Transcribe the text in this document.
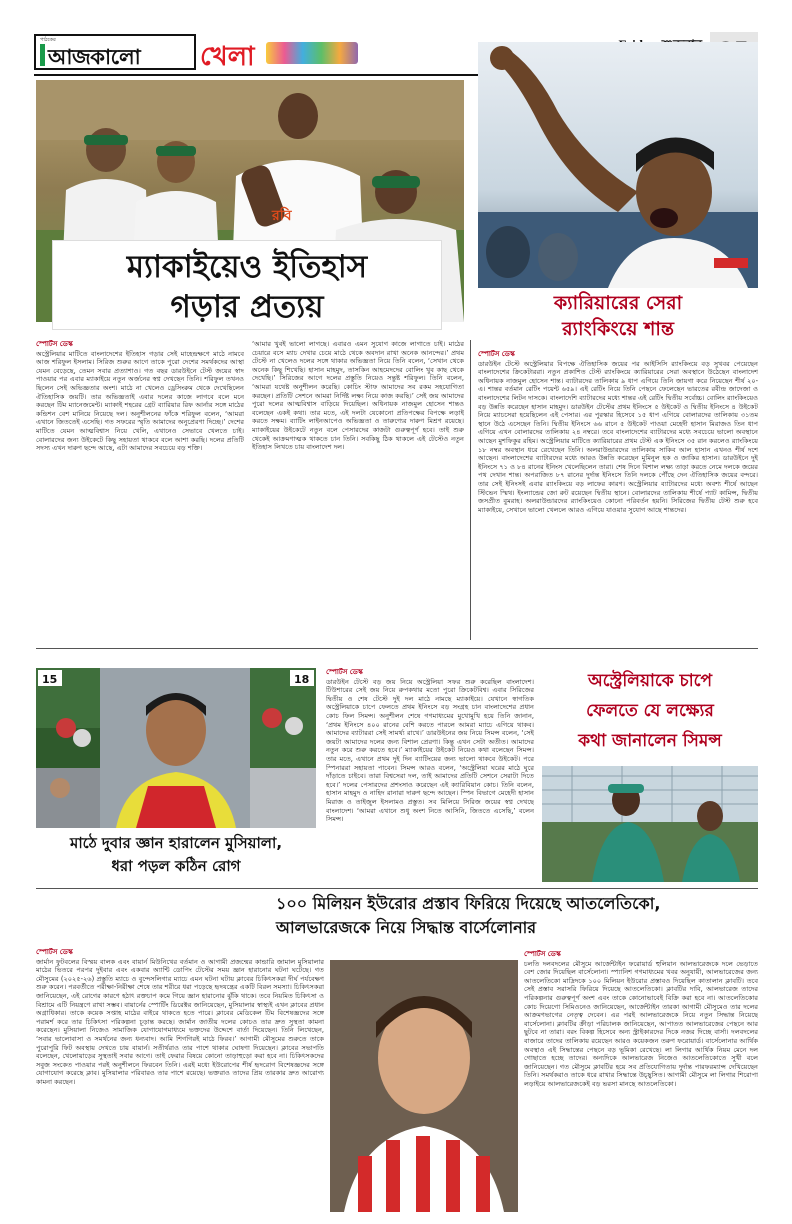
পাঠকের
আজকালো খেলা
রবি
ম্যাকাইয়েও ইতিহাস
গড়ার প্রত্যয়
স্পোর্টস ডেস্ক

অস্ট্রেলিয়ার মাটিতে বাংলাদেশের ইতিহাস গড়ার সেই মাহেন্দ্রক্ষণে মাঠে নামবে আজ শরিফুল ইসলাম। সিরিজ শুরুর আগে তাকে পুরো দেশের সমর্থকদের আস্থা যেমন বেড়েছে, তেমন সবার প্রত্যাশাও। গত বছর ডারউইনে টেস্ট জয়ের স্বাদ পাওয়ার পর এবার ম্যাকাইয়ে নতুন অর্জনের স্বপ্ন দেখছেন তিনি। শরিফুল তখনও ছিলেন সেই অভিজ্ঞতার অংশ। মাঠে না খেলেও ড্রেসিংরুম থেকে দেখেছিলেন ঐতিহাসিক জয়টি। তার অভিজ্ঞতাই এবার দলের কাজে লাগবে বলে মনে করছেন টিম ম্যানেজমেন্ট। ম্যাকাই শহরের গ্রেট ব্যারিয়ার রিফ আর্নার সঙ্গে মাঠের কন্ডিশন বেশ মানিয়ে নিয়েছে দল। অনুশীলনের ফাঁকে শরিফুল বলেন, ‘আমরা এখানে জিততেই এসেছি। গত সফরের স্মৃতি আমাদের অনুপ্রেরণা দিচ্ছে।’ দেশের মাটিতে যেমন আত্মবিশ্বাস নিয়ে খেলি, এখানেও সেভাবে খেলতে চাই। বোলারদের জন্য উইকেটে কিছু সহায়তা থাকবে বলে আশা করছি। দলের প্রতিটি সদস্য এখন দারুণ ছন্দে আছে, এটা আমাদের সবচেয়ে বড় শক্তি।

‘আমার খুবই ভালো লাগছে। এবারও এমন সুযোগ কাজে লাগাতে চাই। মাঠের চেয়ারে বসে ম্যাচ দেখার চেয়ে মাঠে থেকে অবদান রাখা অনেক আনন্দের।’ প্রথম টেস্টে না খেলেও দলের সঙ্গে থাকার অভিজ্ঞতা নিয়ে তিনি বলেন, ‘সেখান থেকে অনেক কিছু শিখেছি। হাসান মাহমুদ, তাসকিন আহমেদদের বোলিং খুব কাছ থেকে দেখেছি।’ সিরিজের আগে দলের প্রস্তুতি নিয়েও সন্তুষ্ট শরিফুল। তিনি বলেন, ‘আমরা যথেষ্ট অনুশীলন করেছি। কোচিং স্টাফ আমাদের সব রকম সহযোগিতা করছেন। প্রতিটি সেশনে আমরা নির্দিষ্ট লক্ষ্য নিয়ে কাজ করছি।’ সেই জয় আমাদের পুরো দলের আত্মবিশ্বাস বাড়িয়ে দিয়েছিল। অধিনায়ক নাজমুল হোসেন শান্তও বলেছেন একই কথা। তার মতে, এই দলটা যেকোনো প্রতিপক্ষের বিপক্ষে লড়াই করতে সক্ষম। ব্যাটিং লাইনআপেও অভিজ্ঞতা ও তারুণ্যের দারুণ মিশ্রণ রয়েছে। ম্যাকাইয়ের উইকেটে নতুন বলে পেসারদের কাজটা গুরুত্বপূর্ণ হবে। তাই শুরু থেকেই আক্রমণাত্মক থাকতে চান তিনি। সবকিছু ঠিক থাকলে এই টেস্টেও নতুন ইতিহাস লিখতে চায় বাংলাদেশ দল।

ক্যারিয়ারের সেরা
র‌্যাংকিংয়ে শান্ত
স্পোর্টস ডেস্ক

ডারউইন টেস্টে অস্ট্রেলিয়ার বিপক্ষে ঐতিহাসিক জয়ের পর আইসিসি র‌্যাংকিংয়ে বড় সুখবর পেয়েছেন বাংলাদেশের ক্রিকেটাররা। নতুন প্রকাশিত টেস্ট র‌্যাংকিংয়ে ক্যারিয়ারের সেরা অবস্থানে উঠেছেন বাংলাদেশ অধিনায়ক নাজমুল হোসেন শান্ত। ব্যাটারদের তালিকায় ৯ ধাপ এগিয়ে তিনি জায়গা করে নিয়েছেন শীর্ষ ২০-এ। শান্তর বর্তমান রেটিং পয়েন্ট ৬৫৯। এই রেটিং নিয়ে তিনি পেছনে ফেলেছেন ভারতের রবীন্দ্র জাদেজা ও বাংলাদেশের লিটন দাসকে। বাংলাদেশি ব্যাটারদের মধ্যে শান্তর এই রেটিং দ্বিতীয় সর্বোচ্চ। বোলিং র‌্যাংকিংয়েও বড় উন্নতি করেছেন হাসান মাহমুদ। ডারউইন টেস্টের প্রথম ইনিংসে ৫ উইকেট ও দ্বিতীয় ইনিংসে ৪ উইকেট নিয়ে ম্যাচসেরা হয়েছিলেন এই পেসার। এর পুরস্কার হিসেবে ১৫ ধাপ এগিয়ে বোলারদের তালিকায় ৩১তম স্থানে উঠে এসেছেন তিনি। দ্বিতীয় ইনিংসে ৬৬ রানে ৫ উইকেট পাওয়া মেহেদী হাসান মিরাজও তিন ধাপ এগিয়ে এখন বোলারদের তালিকায় ২৪ নম্বরে। তবে বাংলাদেশের ব্যাটারদের মধ্যে সবচেয়ে ভালো অবস্থানে আছেন মুশফিকুর রহিম। অস্ট্রেলিয়ার মাটিতে ক্যারিয়ারের প্রথম টেস্ট এক ইনিংসে ৩৫ রান করলেও র‌্যাংকিংয়ে ১৮ নম্বর অবস্থান ধরে রেখেছেন তিনি। অলরাউন্ডারদের তালিকায় সাকিব আল হাসান এখনও শীর্ষ দশে আছেন। বাংলাদেশের ব্যাটারদের মধ্যে আরও উন্নতি করেছেন মুমিনুল হক ও জাকির হাসান। ডারউইনে দুই ইনিংসে ৭১ ও ৮৪ রানের ইনিংস খেলেছিলেন তারা। শেষ দিনে বিশাল লক্ষ্য তাড়া করতে নেমে দলকে জয়ের পথ দেখান শান্ত। অপরাজিত ৮৭ রানের দুর্দান্ত ইনিংসে তিনি দলকে পৌঁছে দেন ঐতিহাসিক জয়ের বন্দরে। তার সেই ইনিংসই এবার র‌্যাংকিংয়ে বড় লাফের কারণ। অস্ট্রেলিয়ার ব্যাটারদের মধ্যে অবশ্য শীর্ষে আছেন স্টিভেন স্মিথ। ইংল্যান্ডের জো রুট রয়েছেন দ্বিতীয় স্থানে। বোলারদের তালিকায় শীর্ষে প্যাট কামিন্স, দ্বিতীয় জসপ্রীত বুমরাহ। অলরাউন্ডারদের র‌্যাংকিংয়েও কোনো পরিবর্তন হয়নি। সিরিজের দ্বিতীয় টেস্ট শুরু হবে ম্যাকাইয়ে, সেখানে ভালো খেললে আরও এগিয়ে যাওয়ার সুযোগ আছে শান্তদের।

15	18
মাঠে দুবার জ্ঞান হারালেন মুসিয়ালা,
ধরা পড়ল কঠিন রোগ
স্পোর্টস ডেস্ক

ডারউইন টেস্টে বড় জয় নিয়ে অস্ট্রেলিয়া সফর শুরু করেছিল বাংলাদেশ। টিউশারের সেই জয় নিয়ে রুপকথার মতো পুরো ক্রিকেটবিশ্ব। এবার সিরিজের দ্বিতীয় ও শেষ টেস্টে দুই দল মাঠে নামছে ম্যাকাইয়ে। যেখানে স্বাগতিক অস্ট্রেলিয়াকে চাপে ফেলতে প্রথম ইনিংসে বড় সংগ্রহ চান বাংলাদেশের প্রধান কোচ ফিল সিমন্স। অনুশীলন শেষে গণমাধ্যমের মুখোমুখি হয়ে তিনি জানান, ‘প্রথম ইনিংসে ৪০০ রানের বেশি করতে পারলে আমরা ম্যাচে এগিয়ে থাকব। আমাদের ব্যাটাররা সেই সামর্থ্য রাখে।’ ডারউইনের জয় নিয়ে সিমন্স বলেন, ‘সেই জয়টা আমাদের দলের জন্য বিশাল প্রেরণা। কিন্তু এখন সেটা অতীত। আমাদের নতুন করে শুরু করতে হবে।’ ম্যাকাইয়ের উইকেট নিয়েও কথা বলেছেন সিমন্স। তার মতে, এখানে প্রথম দুই দিন ব্যাটিংয়ের জন্য ভালো থাকবে উইকেট। পরে স্পিনাররা সহায়তা পাবেন। সিমন্স আরও বলেন, ‘অস্ট্রেলিয়া ঘরের মাঠে ঘুরে দাঁড়াতে চাইবে। তারা বিশ্বসেরা দল, তাই আমাদের প্রতিটি সেশনে সেরাটা দিতে হবে।’ দলের পেসারদের প্রশংসাও করেছেন এই ক্যারিবিয়ান কোচ। তিনি বলেন, হাসান মাহমুদ ও নাহিদ রানারা দারুণ ছন্দে আছেন। স্পিন বিভাগে মেহেদী হাসান মিরাজ ও তাইজুল ইসলামও প্রস্তুত। সব মিলিয়ে সিরিজ জয়ের স্বপ্ন দেখছে বাংলাদেশ। ‘আমরা এখানে শুধু অংশ নিতে আসিনি, জিততে এসেছি,’ বলেন সিমন্স।

অস্ট্রেলিয়াকে চাপে
ফেলতে যে লক্ষ্যের
কথা জানালেন সিমন্স
১০০ মিলিয়ন ইউরোর প্রস্তাব ফিরিয়ে দিয়েছে আতলেতিকো,
আলভারেজকে নিয়ে সিদ্ধান্ত বার্সেলোনার
স্পোর্টস ডেস্ক

জার্মান ফুটবলের বিস্ময় বালক এবং বায়ার্ন মিউনিখের বর্তমান ও আগামী প্রজন্মের কান্ডারি জামাল মুসিয়ালার মাঠের ভিতরে পরপর দুইবার এবং একবার অ্যান্টি ডোপিং টেস্টের সময় জ্ঞান হারানোর ঘটনা ঘটেছে। গত মৌসুমের (২০২৫-২৬) প্রস্তুতি ম্যাচে ও বুন্দেসলিগার ম্যাচে এমন ঘটনা ঘটায় ক্লাবের চিকিৎসকরা দীর্ঘ পর্যবেক্ষণ শুরু করেন। পরবর্তীতে পরীক্ষা-নিরীক্ষা শেষে তার শরীরে ধরা পড়েছে হৃদযন্ত্রের একটি বিরল সমস্যা। চিকিৎসকরা জানিয়েছেন, এই রোগের কারণে হঠাৎ রক্তচাপ কমে গিয়ে জ্ঞান হারানোর ঝুঁকি থাকে। তবে নিয়মিত চিকিৎসা ও বিশ্রামে এটি নিয়ন্ত্রণে রাখা সম্ভব। বায়ার্নের স্পোর্টিং ডিরেক্টর জানিয়েছেন, মুসিয়ালার স্বাস্থ্যই এখন ক্লাবের প্রধান অগ্রাধিকার। তাকে কয়েক সপ্তাহ মাঠের বাইরে থাকতে হতে পারে। ক্লাবের মেডিকেল টিম বিশেষজ্ঞদের সঙ্গে পরামর্শ করে তার চিকিৎসা পরিকল্পনা চূড়ান্ত করছে। জার্মান জাতীয় দলের কোচও তার দ্রুত সুস্থতা কামনা করেছেন। মুসিয়ালা নিজেও সামাজিক যোগাযোগমাধ্যমে ভক্তদের উদ্দেশে বার্তা দিয়েছেন। তিনি লিখেছেন, ‘সবার ভালোবাসা ও সমর্থনের জন্য ধন্যবাদ। আমি শিগগিরই মাঠে ফিরব।’ আগামী মৌসুমের শুরুতে তাকে পুরোপুরি ফিট অবস্থায় দেখতে চায় বায়ার্ন। সতীর্থরাও তার পাশে থাকার ঘোষণা দিয়েছেন। ক্লাবের সভাপতি বলেছেন, খেলোয়াড়ের সুস্থতাই সবার আগে। তাই ফেরার বিষয়ে কোনো তাড়াহুড়ো করা হবে না। চিকিৎসকদের সবুজ সংকেত পাওয়ার পরই অনুশীলনে ফিরবেন তিনি। এরই মধ্যে ইউরোপের শীর্ষ হৃদরোগ বিশেষজ্ঞদের সঙ্গে যোগাযোগ করেছে ক্লাব। মুসিয়ালার পরিবারও তার পাশে রয়েছে। ভক্তরাও তাদের প্রিয় তারকার দ্রুত আরোগ্য কামনা করছেন।

স্পোর্টস ডেস্ক

চলতি দলবদলের মৌসুমে আর্জেন্টাইন ফরোয়ার্ড হুলিয়ান আলভারেজকে দলে ভেড়াতে বেশ জোর দিয়েছিল বার্সেলোনা। স্প্যানিশ গণমাধ্যমের খবর অনুযায়ী, আলভারেজের জন্য আতলেতিকো মাদ্রিদকে ১০০ মিলিয়ন ইউরোর প্রস্তাবও দিয়েছিল কাতালান ক্লাবটি। তবে সেই প্রস্তাব সরাসরি ফিরিয়ে দিয়েছে আতলেতিকো। ক্লাবটির দাবি, আলভারেজ তাদের পরিকল্পনার গুরুত্বপূর্ণ অংশ এবং তাকে কোনোভাবেই বিক্রি করা হবে না। আতলেতিকোর কোচ দিয়েগো সিমিওনেও জানিয়েছেন, আর্জেন্টাইন তারকা আগামী মৌসুমেও তার দলের আক্রমণভাগের নেতৃত্ব দেবেন। এর পরই আলভারেজকে নিয়ে নতুন সিদ্ধান্ত নিয়েছে বার্সেলোনা। ক্লাবটির ক্রীড়া পরিচালক জানিয়েছেন, আপাতত আলভারেজের পেছনে আর ছুটবে না তারা। বরং বিকল্প হিসেবে অন্য স্ট্রাইকারদের দিকে নজর দিচ্ছে বার্সা। দলবদলের বাজারে তাদের তালিকায় রয়েছেন আরও কয়েকজন তরুণ ফরোয়ার্ড। বার্সেলোনার আর্থিক অবস্থাও এই সিদ্ধান্তের পেছনে বড় ভূমিকা রেখেছে। লা লিগার আর্থিক নিয়ম মেনে দল গোছাতে হচ্ছে তাদের। অন্যদিকে আলভারেজ নিজেও আতলেতিকোতে সুখী বলে জানিয়েছেন। গত মৌসুমে ক্লাবটির হয়ে সব প্রতিযোগিতায় দুর্দান্ত পারফরম্যান্স দেখিয়েছেন তিনি। সমর্থকরাও তাকে ধরে রাখার সিদ্ধান্তে উচ্ছ্বসিত। আগামী মৌসুমে লা লিগার শিরোপা লড়াইয়ে আলভারেজকেই বড় ভরসা মানছে আতলেতিকো।
